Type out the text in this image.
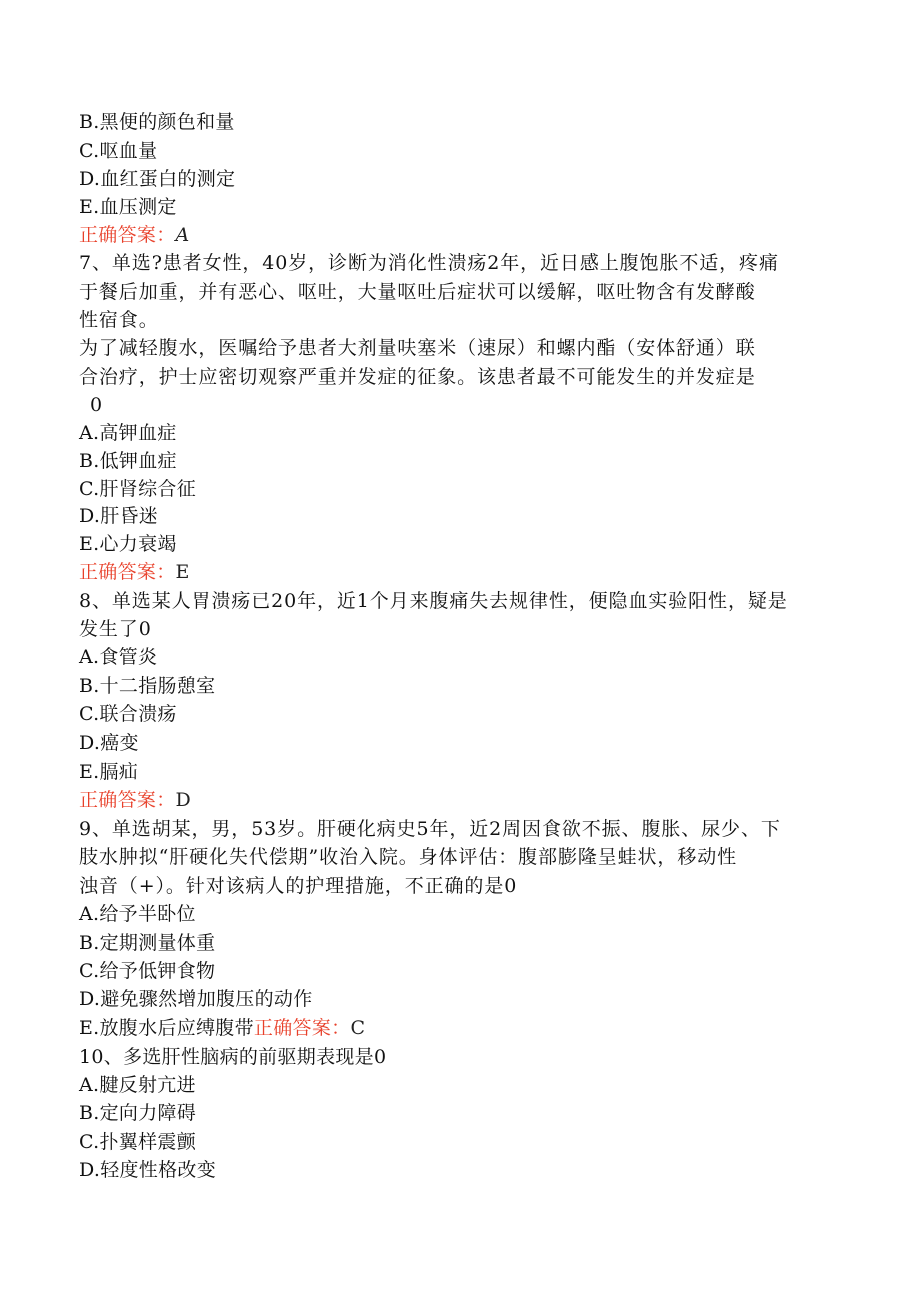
B.黑便的颜色和量
C.呕血量
D.血红蛋白的测定
E.血压测定
正确答案：A
7、单选?患者女性，40岁，诊断为消化性溃疡2年，近日感上腹饱胀不适，疼痛
于餐后加重，并有恶心、呕吐，大量呕吐后症状可以缓解，呕吐物含有发酵酸
性宿食。
为了减轻腹水，医嘱给予患者大剂量呋塞米（速尿）和螺内酯（安体舒通）联
合治疗，护士应密切观察严重并发症的征象。该患者最不可能发生的并发症是
0
A.高钾血症
B.低钾血症
C.肝肾综合征
D.肝昏迷
E.心力衰竭
正确答案：E
8、单选某人胃溃疡已20年，近1个月来腹痛失去规律性，便隐血实验阳性，疑是
发生了0
A.食管炎
B.十二指肠憩室
C.联合溃疡
D.癌变
E.膈疝
正确答案：D
9、单选胡某，男，53岁。肝硬化病史5年，近2周因食欲不振、腹胀、尿少、下
肢水肿拟“肝硬化失代偿期”收治入院。身体评估：腹部膨隆呈蛙状，移动性
浊音（+）。针对该病人的护理措施，不正确的是0
A.给予半卧位
B.定期测量体重
C.给予低钾食物
D.避免骤然增加腹压的动作
E.放腹水后应缚腹带正确答案：C
10、多选肝性脑病的前驱期表现是0
A.腱反射亢进
B.定向力障碍
C.扑翼样震颤
D.轻度性格改变
